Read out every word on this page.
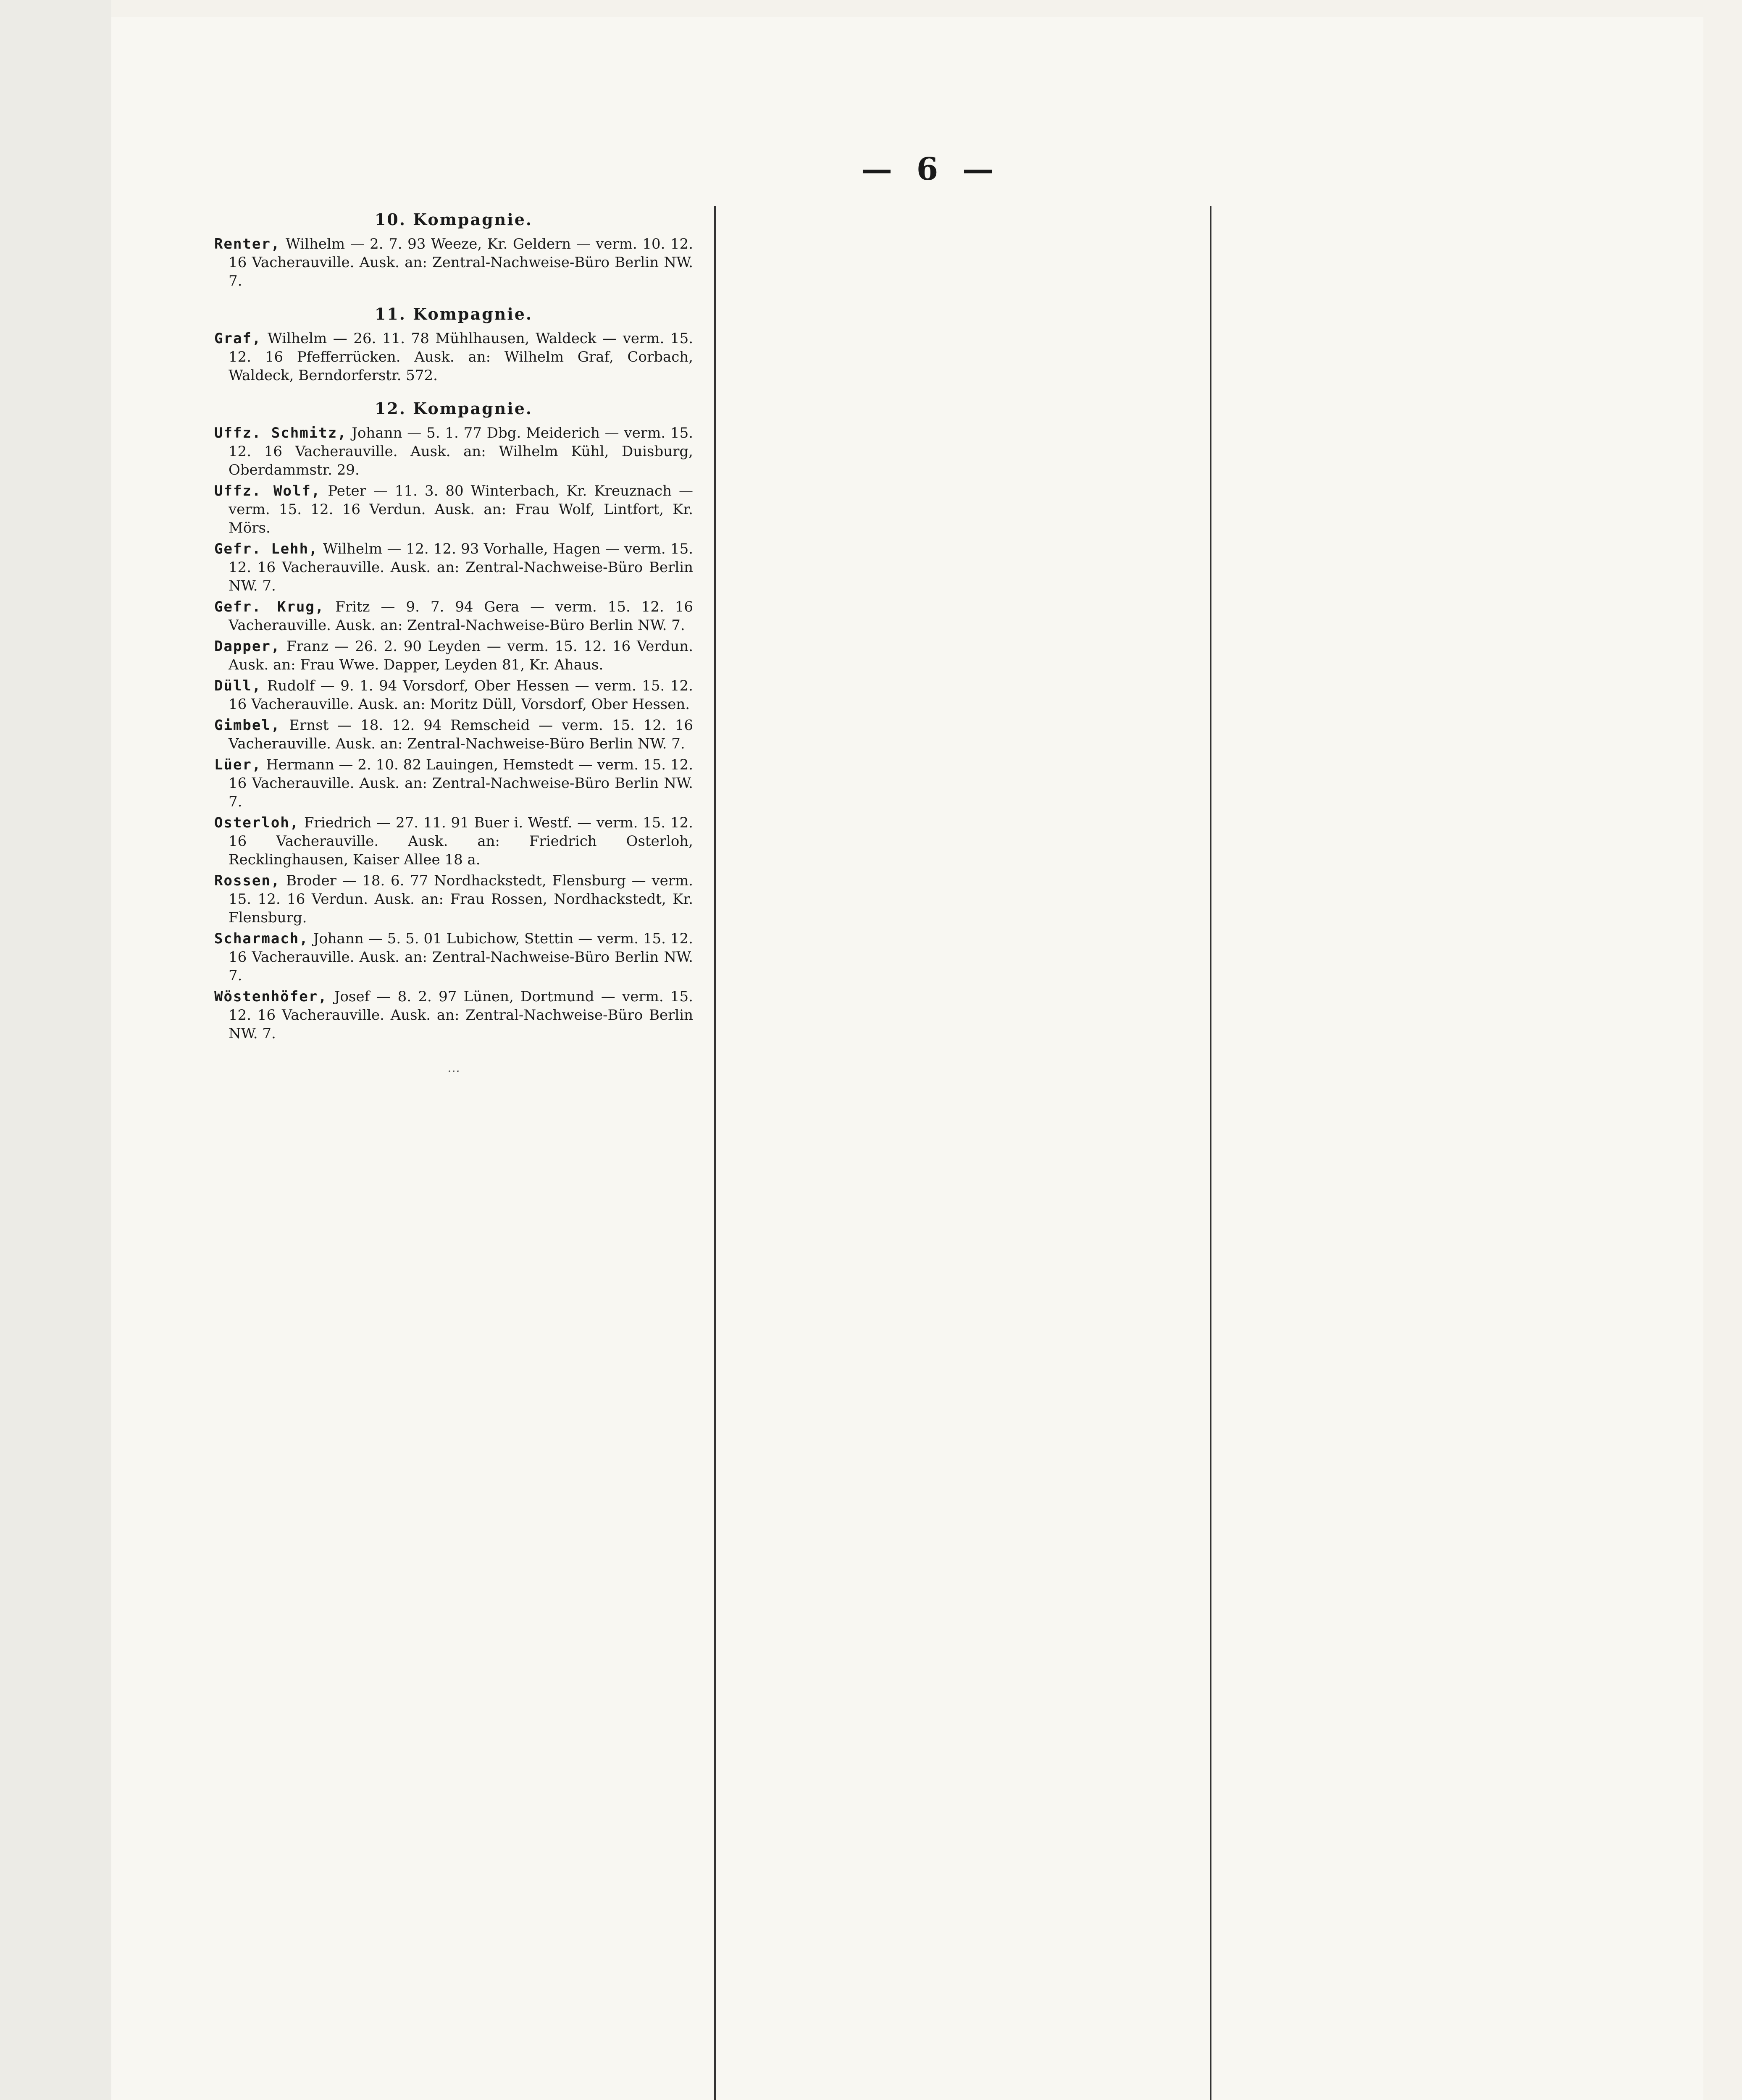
— 6 —
10. Kompagnie.
Renter, Wilhelm — 2. 7. 93 Weeze, Kr. Geldern — verm. 10. 12. 16 Vacherauville. Ausk. an: Zentral-Nachweise-Büro Berlin NW. 7.
11. Kompagnie.
Graf, Wilhelm — 26. 11. 78 Mühlhausen, Waldeck — verm. 15. 12. 16 Pfefferrücken. Ausk. an: Wilhelm Graf, Corbach, Waldeck, Berndorferstr. 572.
12. Kompagnie.
Uffz. Schmitz, Johann — 5. 1. 77 Dbg. Meiderich — verm. 15. 12. 16 Vacherauville. Ausk. an: Wilhelm Kühl, Duisburg, Oberdammstr. 29.
Uffz. Wolf, Peter — 11. 3. 80 Winterbach, Kr. Kreuznach — verm. 15. 12. 16 Verdun. Ausk. an: Frau Wolf, Lintfort, Kr. Mörs.
Gefr. Lehh, Wilhelm — 12. 12. 93 Vorhalle, Hagen — verm. 15. 12. 16 Vacherauville. Ausk. an: Zentral-Nachweise-Büro Berlin NW. 7.
Gefr. Krug, Fritz — 9. 7. 94 Gera — verm. 15. 12. 16 Vacherauville. Ausk. an: Zentral-Nachweise-Büro Berlin NW. 7.
Dapper, Franz — 26. 2. 90 Leyden — verm. 15. 12. 16 Verdun. Ausk. an: Frau Wwe. Dapper, Leyden 81, Kr. Ahaus.
Düll, Rudolf — 9. 1. 94 Vorsdorf, Ober Hessen — verm. 15. 12. 16 Vacherauville. Ausk. an: Moritz Düll, Vorsdorf, Ober Hessen.
Gimbel, Ernst — 18. 12. 94 Remscheid — verm. 15. 12. 16 Vacherauville. Ausk. an: Zentral-Nachweise-Büro Berlin NW. 7.
Lüer, Hermann — 2. 10. 82 Lauingen, Hemstedt — verm. 15. 12. 16 Vacherauville. Ausk. an: Zentral-Nachweise-Büro Berlin NW. 7.
Osterloh, Friedrich — 27. 11. 91 Buer i. Westf. — verm. 15. 12. 16 Vacherauville. Ausk. an: Friedrich Osterloh, Recklinghausen, Kaiser Allee 18 a.
Rossen, Broder — 18. 6. 77 Nordhackstedt, Flensburg — verm. 15. 12. 16 Verdun. Ausk. an: Frau Rossen, Nordhackstedt, Kr. Flensburg.
Scharmach, Johann — 5. 5. 01 Lubichow, Stettin — verm. 15. 12. 16 Vacherauville. Ausk. an: Zentral-Nachweise-Büro Berlin NW. 7.
Wöstenhöfer, Josef — 8. 2. 97 Lünen, Dortmund — verm. 15. 12. 16 Vacherauville. Ausk. an: Zentral-Nachweise-Büro Berlin NW. 7.
…
